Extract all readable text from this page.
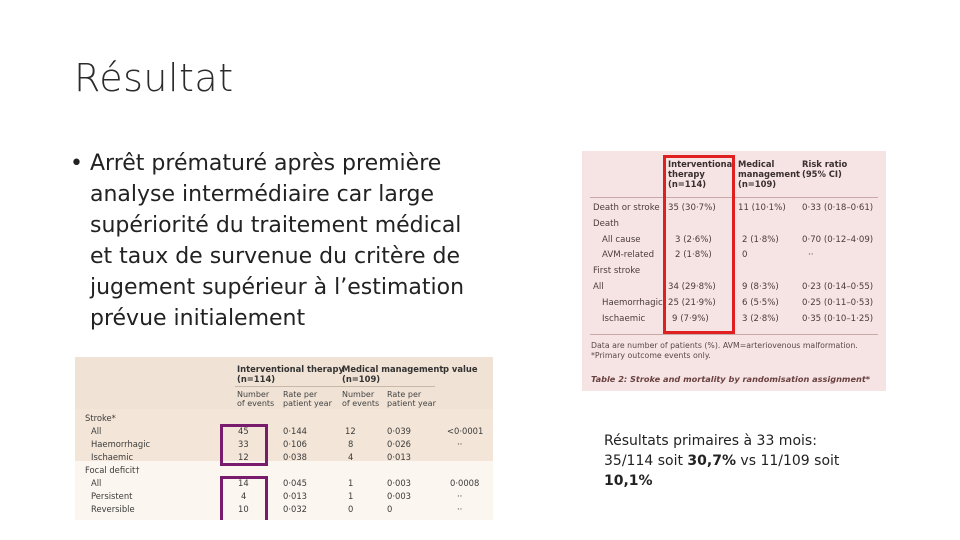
Résultat
• Arrêt prématuré après première analyse intermédiaire car large supériorité du traitement médical et taux de survenue du critère de jugement supérieur à l’estimation prévue initialement
Interventional
therapy
(n=114)
Medical
management
(n=109)
Risk ratio
(95% CI)
Death or stroke 35 (30·7%)	11 (10·1%) 0·33 (0·18–0·61)
Death
All cause	3 (2·6%)	2 (1·8%)	0·70 (0·12–4·09)
AVM-related 2 (1·8%)	0	··
First stroke
All	34 (29·8%)	9 (8·3%)	0·23 (0·14–0·55)
Haemorrhagic 25 (21·9%)	6 (5·5%)	0·25 (0·11–0·53)
Ischaemic	9 (7·9%)	3 (2·8%)	0·35 (0·10–1·25)
Data are number of patients (%). AVM=arteriovenous malformation. *Primary outcome events only.
Table 2: Stroke and mortality by randomisation assignment*
Interventional therapy
(n=114)
Medical management
(n=109)
p value
Number
of events
Rate per
patient year
Number
of events
Rate per
patient year
Stroke*
All	45	0·144	12	0·039	<0·0001
Haemorrhagic	33	0·106	8	0·026	··
Ischaemic	12	0·038	4	0·013
Focal deficit†
All	14	0·045	1	0·003	0·0008
Persistent	4	0·013	1	0·003	··
Reversible	10	0·032	0	0	··
Résultats primaires à 33 mois:
35/114 soit 30,7% vs 11/109 soit
10,1%
